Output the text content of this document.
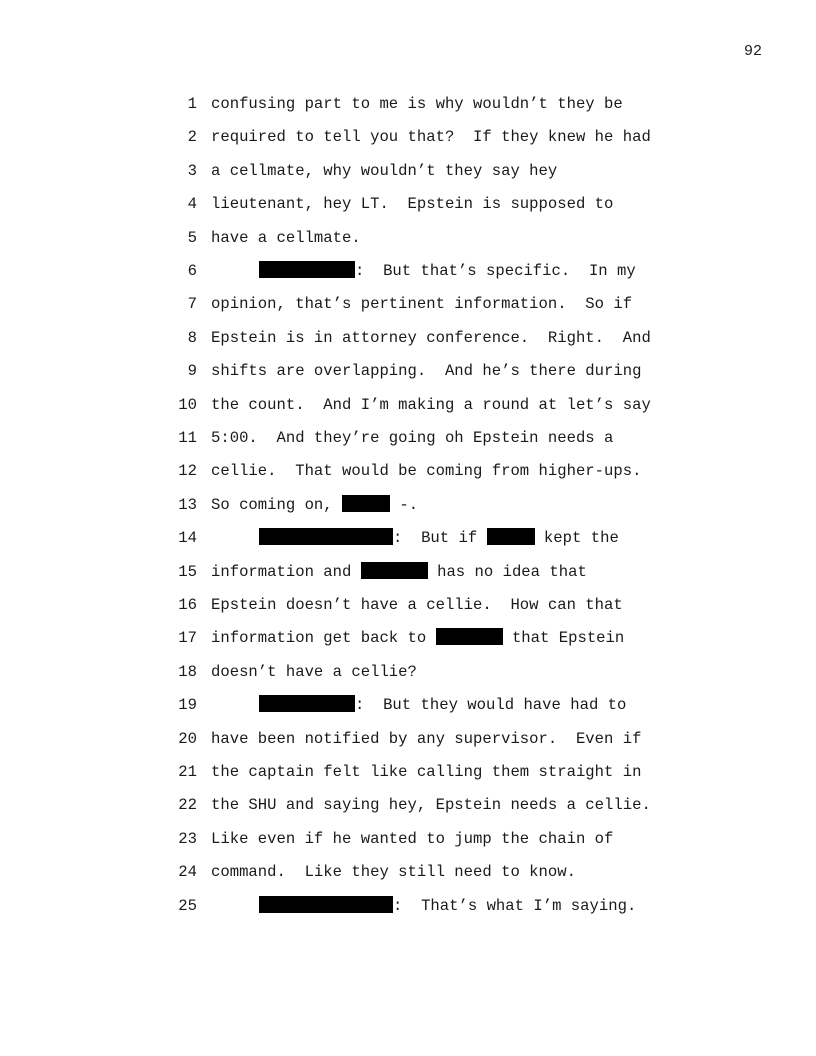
92
1 confusing part to me is why wouldn’t they be
2 required to tell you that?  If they knew he had
3 a cellmate, why wouldn’t they say hey
4 lieutenant, hey LT.  Epstein is supposed to
5 have a cellmate.
6	:  But that’s specific.  In my
7 opinion, that’s pertinent information.  So if
8 Epstein is in attorney conference.  Right.  And
9 shifts are overlapping.  And he’s there during
10 the count.  And I’m making a round at let’s say
11 5:00.  And they’re going oh Epstein needs a
12 cellie.  That would be coming from higher-ups.
13 So coming on,	-.
14	:  But if	kept the
15 information and	has no idea that
16 Epstein doesn’t have a cellie.  How can that
17 information get back to	that Epstein
18 doesn’t have a cellie?
19	:  But they would have had to
20 have been notified by any supervisor.  Even if
21 the captain felt like calling them straight in
22 the SHU and saying hey, Epstein needs a cellie.
23 Like even if he wanted to jump the chain of
24 command.  Like they still need to know.
25	:  That’s what I’m saying.
